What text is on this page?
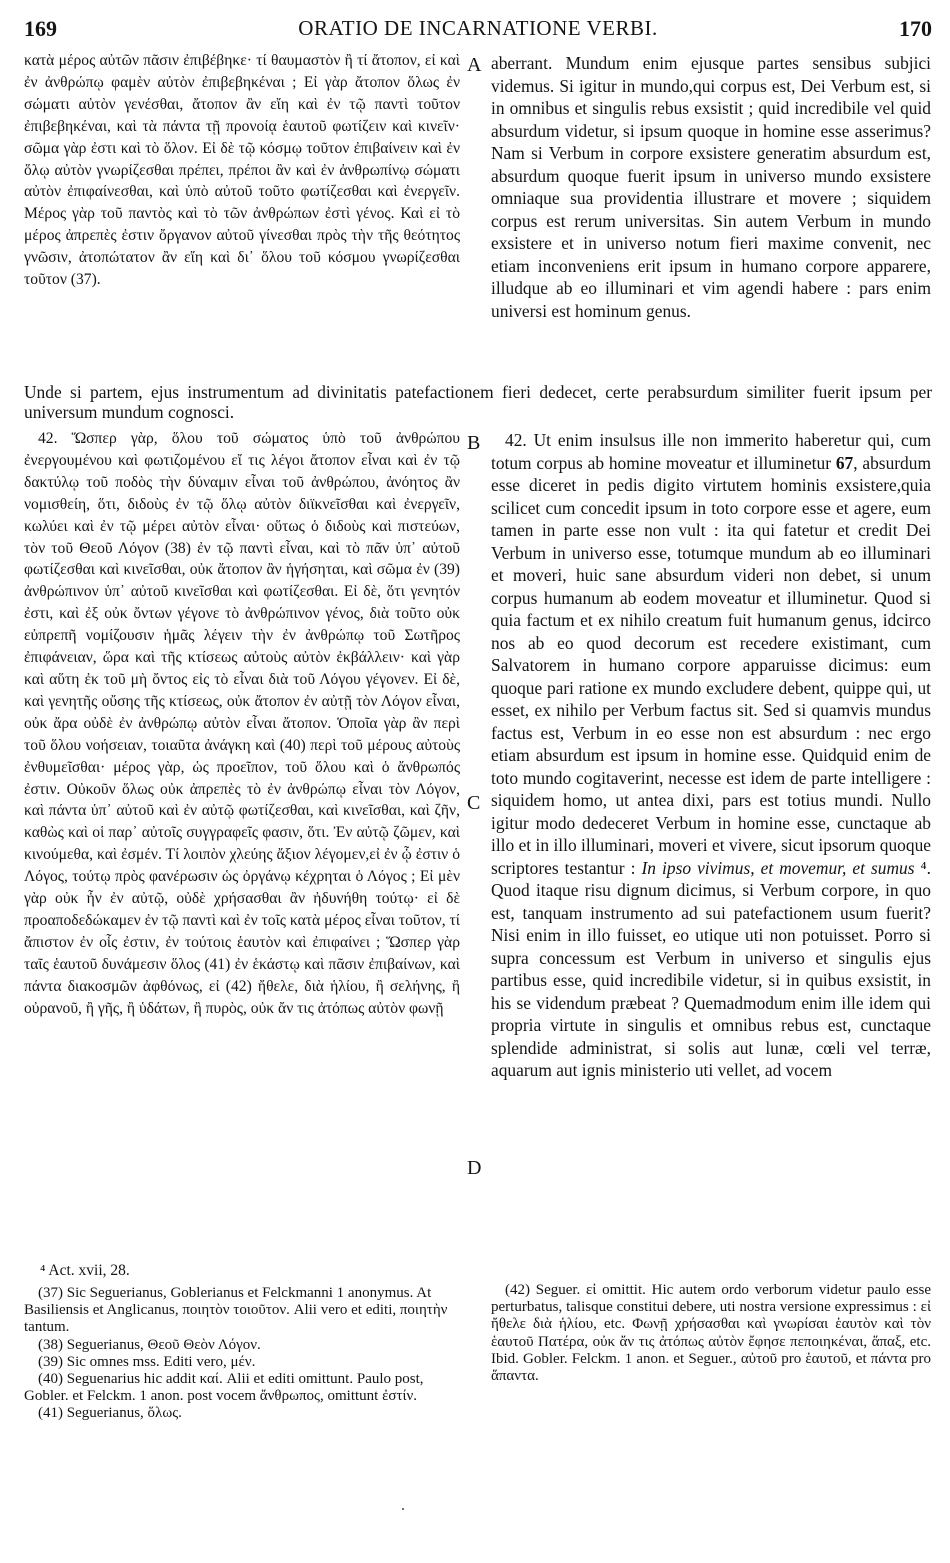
169	ORATIO DE INCARNATIONE VERBI.	170
κατὰ μέρος αὐτῶν πᾶσιν ἐπιβέβηκε· τί θαυμαστὸν ἢ τί ἄτοπον, εἰ καὶ ἐν ἀνθρώπῳ φαμὲν αὐτὸν ἐπιβεβηκέναι ; Εἰ γὰρ ἄτοπον ὅλως ἐν σώματι αὐτὸν γενέσθαι, ἄτοπον ἂν εἴη καὶ ἐν τῷ παντὶ τοῦτον ἐπιβεβηκέναι, καὶ τὰ πάντα τῇ προνοίᾳ ἑαυτοῦ φωτίζειν καὶ κινεῖν· σῶμα γὰρ ἐστι καὶ τὸ ὅλον. Εἰ δὲ τῷ κόσμῳ τοῦτον ἐπιβαίνειν καὶ ἐν ὅλῳ αὐτὸν γνωρίζεσθαι πρέπει, πρέποι ἂν καὶ ἐν ἀνθρωπίνῳ σώματι αὐτὸν ἐπιφαίνεσθαι, καὶ ὑπὸ αὐτοῦ τοῦτο φωτίζεσθαι καὶ ἐνεργεῖν. Μέρος γὰρ τοῦ παντὸς καὶ τὸ τῶν ἀνθρώπων ἐστὶ γένος. Καὶ εἰ τὸ μέρος ἀπρεπὲς ἐστιν ὄργανον αὐτοῦ γίνεσθαι πρὸς τὴν τῆς θεότητος γνῶσιν, ἀτοπώτατον ἂν εἴη καὶ δι᾽ ὅλου τοῦ κόσμου γνωρίζεσθαι τοῦτον (37).
aberrant. Mundum enim ejusque partes sensibus subjici videmus. Si igitur in mundo,qui corpus est, Dei Verbum est, si in omnibus et singulis rebus exsistit ; quid incredibile vel quid absurdum videtur, si ipsum quoque in homine esse asserimus? Nam si Verbum in corpore exsistere generatim absurdum est, absurdum quoque fuerit ipsum in universo mundo exsistere omniaque sua providentia illustrare et movere ; siquidem corpus est rerum universitas. Sin autem Verbum in mundo exsistere et in universo notum fieri maxime convenit, nec etiam inconveniens erit ipsum in humano corpore apparere, illudque ab eo illuminari et vim agendi habere : pars enim universi est hominum genus.
A
Unde si partem, ejus instrumentum ad divinitatis patefactionem fieri dedecet, certe perabsurdum similiter fuerit ipsum per universum mundum cognosci.
42. Ὥσπερ γὰρ, ὅλου τοῦ σώματος ὑπὸ τοῦ ἀνθρώπου ἐνεργουμένου καὶ φωτιζομένου εἴ τις λέγοι ἄτοπον εἶναι καὶ ἐν τῷ δακτύλῳ τοῦ ποδὸς τὴν δύναμιν εἶναι τοῦ ἀνθρώπου, ἀνόητος ἂν νομισθείη, ὅτι, διδοὺς ἐν τῷ ὅλῳ αὐτὸν διϊκνεῖσθαι καὶ ἐνεργεῖν, κωλύει καὶ ἐν τῷ μέρει αὐτὸν εἶναι· οὕτως ὁ διδοὺς καὶ πιστεύων, τὸν τοῦ Θεοῦ Λόγον (38) ἐν τῷ παντὶ εἶναι, καὶ τὸ πᾶν ὑπ᾽ αὐτοῦ φωτίζεσθαι καὶ κινεῖσθαι, οὐκ ἄτοπον ἂν ἡγήσηται, καὶ σῶμα ἐν (39) ἀνθρώπινον ὑπ᾽ αὐτοῦ κινεῖσθαι καὶ φωτίζεσθαι. Εἰ δὲ, ὅτι γενητόν ἐστι, καὶ ἐξ οὐκ ὄντων γέγονε τὸ ἀνθρώπινον γένος, διὰ τοῦτο οὐκ εὐπρεπῆ νομίζουσιν ἡμᾶς λέγειν τὴν ἐν ἀνθρώπῳ τοῦ Σωτῆρος ἐπιφάνειαν, ὥρα καὶ τῆς κτίσεως αὐτοὺς αὐτὸν ἐκβάλλειν· καὶ γὰρ καὶ αὕτη ἐκ τοῦ μὴ ὄντος εἰς τὸ εἶναι διὰ τοῦ Λόγου γέγονεν. Εἰ δὲ, καὶ γενητῆς οὔσης τῆς κτίσεως, οὐκ ἄτοπον ἐν αὐτῇ τὸν Λόγον εἶναι, οὐκ ἄρα οὐδὲ ἐν ἀνθρώπῳ αὐτὸν εἶναι ἄτοπον. Ὁποῖα γὰρ ἂν περὶ τοῦ ὅλου νοήσειαν, τοιαῦτα ἀνάγκη καὶ (40) περὶ τοῦ μέρους αὐτοὺς ἐνθυμεῖσθαι· μέρος γὰρ, ὡς προεῖπον, τοῦ ὅλου καὶ ὁ ἄνθρωπός ἐστιν. Οὐκοῦν ὅλως οὐκ ἀπρεπὲς τὸ ἐν ἀνθρώπῳ εἶναι τὸν Λόγον, καὶ πάντα ὑπ᾽ αὐτοῦ καὶ ἐν αὐτῷ φωτίζεσθαι, καὶ κινεῖσθαι, καὶ ζῆν, καθὼς καὶ οἱ παρ᾽ αὐτοῖς συγγραφεῖς φασιν, ὅτι. Ἐν αὐτῷ ζῶμεν, καὶ κινούμεθα, καὶ ἐσμέν. Τί λοιπὸν χλεύης ἄξιον λέγομεν,εἰ ἐν ᾧ ἐστιν ὁ Λόγος, τούτῳ πρὸς φανέρωσιν ὡς ὀργάνῳ κέχρηται ὁ Λόγος ; Εἰ μὲν γὰρ οὐκ ἦν ἐν αὐτῷ, οὐδὲ χρήσασθαι ἂν ἠδυνήθη τούτῳ· εἰ δὲ προαποδεδώκαμεν ἐν τῷ παντὶ καὶ ἐν τοῖς κατὰ μέρος εἶναι τοῦτον, τί ἄπιστον ἐν οἷς ἐστιν, ἐν τούτοις ἑαυτὸν καὶ ἐπιφαίνει ; Ὥσπερ γὰρ ταῖς ἑαυτοῦ δυνάμεσιν ὅλος (41) ἐν ἑκάστῳ καὶ πᾶσιν ἐπιβαίνων, καὶ πάντα διακοσμῶν ἀφθόνως, εἰ (42) ἤθελε, διὰ ἡλίου, ἢ σελήνης, ἢ οὐρανοῦ, ἢ γῆς, ἢ ὑδάτων, ἢ πυρὸς, οὐκ ἄν τις ἀτόπως αὐτὸν φωνῇ
42. Ut enim insulsus ille non immerito haberetur qui, cum totum corpus ab homine moveatur et illuminetur 67, absurdum esse diceret in pedis digito virtutem hominis exsistere,quia scilicet cum concedit ipsum in toto corpore esse et agere, eum tamen in parte esse non vult : ita qui fatetur et credit Dei Verbum in universo esse, totumque mundum ab eo illuminari et moveri, huic sane absurdum videri non debet, si unum corpus humanum ab eodem moveatur et illuminetur. Quod si quia factum et ex nihilo creatum fuit humanum genus, idcirco nos ab eo quod decorum est recedere existimant, cum Salvatorem in humano corpore apparuisse dicimus: eum quoque pari ratione ex mundo excludere debent, quippe qui, ut esset, ex nihilo per Verbum factus sit. Sed si quamvis mundus factus est, Verbum in eo esse non est absurdum : nec ergo etiam absurdum est ipsum in homine esse. Quidquid enim de toto mundo cogitaverint, necesse est idem de parte intelligere : siquidem homo, ut antea dixi, pars est totius mundi. Nullo igitur modo dedeceret Verbum in homine esse, cunctaque ab illo et in illo illuminari, moveri et vivere, sicut ipsorum quoque scriptores testantur : In ipso vivimus, et movemur, et sumus ⁴. Quod itaque risu dignum dicimus, si Verbum corpore, in quo est, tanquam instrumento ad sui patefactionem usum fuerit? Nisi enim in illo fuisset, eo utique uti non potuisset. Porro si supra concessum est Verbum in universo et singulis ejus partibus esse, quid incredibile videtur, si in quibus exsistit, in his se videndum præbeat ? Quemadmodum enim ille idem qui propria virtute in singulis et omnibus rebus est, cunctaque splendide administrat, si solis aut lunæ, cœli vel terræ, aquarum aut ignis ministerio uti vellet, ad vocem
B
C
D
⁴ Act. xvii, 28.

(37) Sic Seguerianus, Goblerianus et Felckmanni 1 anonymus. At Basiliensis et Anglicanus, ποιητὸν τοιοῦτον. Alii vero et editi, ποιητὴν tantum.

(38) Seguerianus, Θεοῦ Θεὸν Λόγον.

(39) Sic omnes mss. Editi vero, μέν.

(40) Seguenarius hic addit καί. Alii et editi omittunt. Paulo post, Gobler. et Felckm. 1 anon. post vocem ἄνθρωπος, omittunt ἐστίν.

(41) Seguerianus, ὅλως.

(42) Seguer. εἰ omittit. Hic autem ordo verborum videtur paulo esse perturbatus, talisque constitui debere, uti nostra versione expressimus : εἰ ἤθελε διὰ ἡλίου, etc. Φωνῇ χρήσασθαι καὶ γνωρίσαι ἑαυτὸν καὶ τὸν ἑαυτοῦ Πατέρα, οὐκ ἄν τις ἀτόπως αὐτὸν ἔφησε πεποιηκέναι, ἅπαξ, etc. Ibid. Gobler. Felckm. 1 anon. et Seguer., αὐτοῦ pro ἑαυτοῦ, et πάντα pro ἅπαντα.
